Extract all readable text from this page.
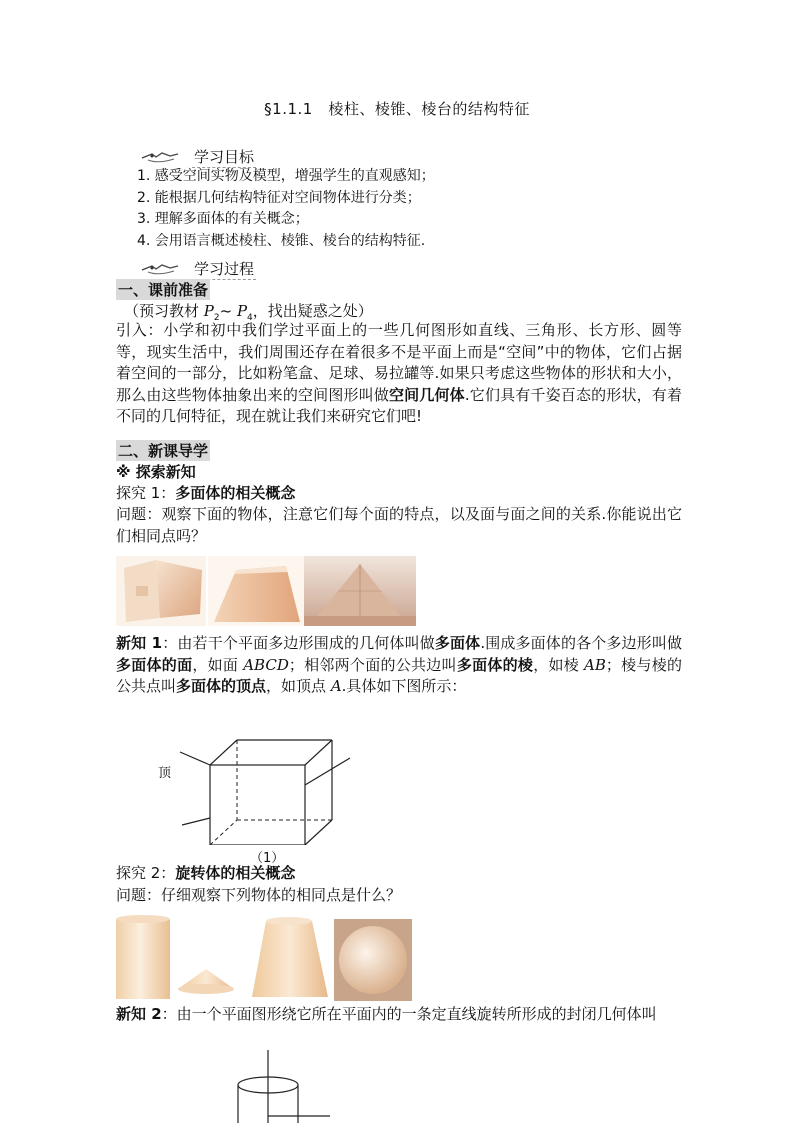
§1.1.1　棱柱、棱锥、棱台的结构特征
学习目标
1. 感受空间实物及模型，增强学生的直观感知；
2. 能根据几何结构特征对空间物体进行分类；
3. 理解多面体的有关概念；
4. 会用语言概述棱柱、棱锥、棱台的结构特征.
学习过程
一、课前准备
（预习教材 $P_2\sim$ $P_4$，找出疑惑之处）
引入：小学和初中我们学过平面上的一些几何图形如直线、三角形、长方形、圆等等，现实生活中，我们周围还存在着很多不是平面上而是“空间”中的物体，它们占据着空间的一部分，比如粉笔盒、足球、易拉罐等.如果只考虑这些物体的形状和大小，那么由这些物体抽象出来的空间图形叫做空间几何体.它们具有千姿百态的形状，有着不同的几何特征，现在就让我们来研究它们吧!
二、新课导学
※ 探索新知
探究 1：多面体的相关概念
问题：观察下面的物体，注意它们每个面的特点，以及面与面之间的关系.你能说出它们相同点吗？
新知 1：由若干个平面多边形围成的几何体叫做多面体.围成多面体的各个多边形叫做多面体的面，如面 ABCD；相邻两个面的公共边叫多面体的棱，如棱 AB；棱与棱的公共点叫多面体的顶点，如顶点 A.具体如下图所示：
顶
（1）
探究 2：旋转体的相关概念
问题：仔细观察下列物体的相同点是什么？
新知 2：由一个平面图形绕它所在平面内的一条定直线旋转所形成的封闭几何体叫
